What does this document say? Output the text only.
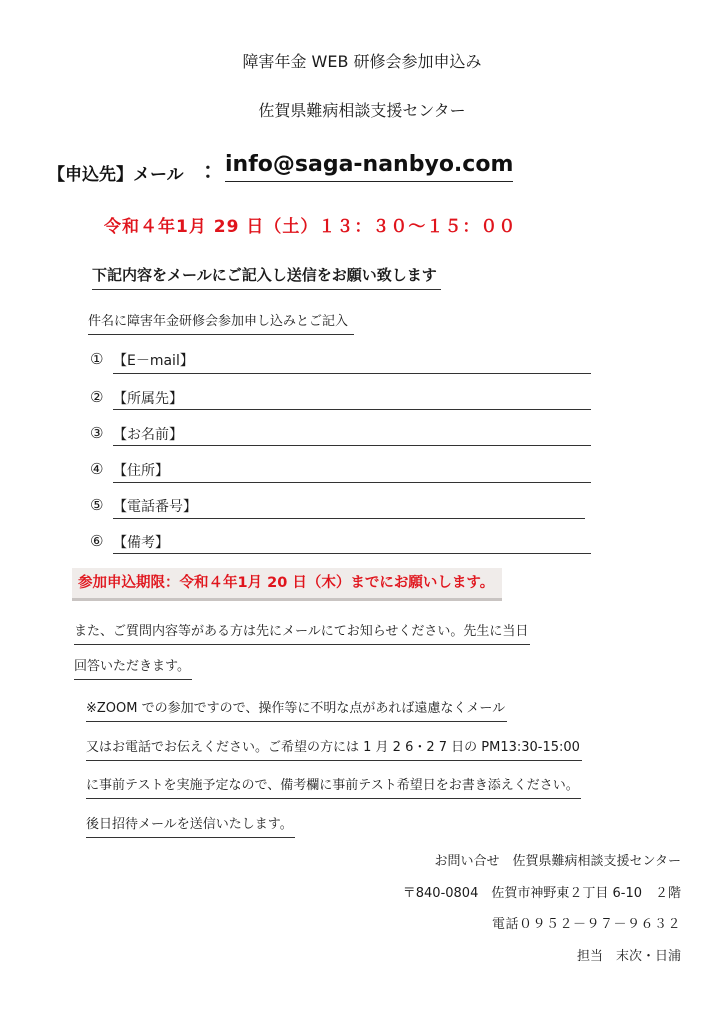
障害年金 WEB 研修会参加申込み
佐賀県難病相談支援センター
【申込先】メール ： info@saga-nanbyo.com
令和４年1月 29 日（土）１３：３０～１５：００
下記内容をメールにご記入し送信をお願い致します
件名に障害年金研修会参加申し込みとご記入
① 【E－mail】
② 【所属先】
③ 【お名前】
④ 【住所】
⑤ 【電話番号】
⑥ 【備考】
参加申込期限：令和４年1月 20 日（木）までにお願いします。
また、ご質問内容等がある方は先にメールにてお知らせください。先生に当日
回答いただきます。
※ZOOM での参加ですので、操作等に不明な点があれば遠慮なくメール
又はお電話でお伝えください。ご希望の方には 1 月 2 6・2 7 日の PM13:30-15:00
に事前テストを実施予定なので、備考欄に事前テスト希望日をお書き添えください。
後日招待メールを送信いたします。
お問い合せ　佐賀県難病相談支援センター
〒840-0804　佐賀市神野東２丁目 6-10　２階
電話０９５２－９７－９６３２
担当　末次・日浦
